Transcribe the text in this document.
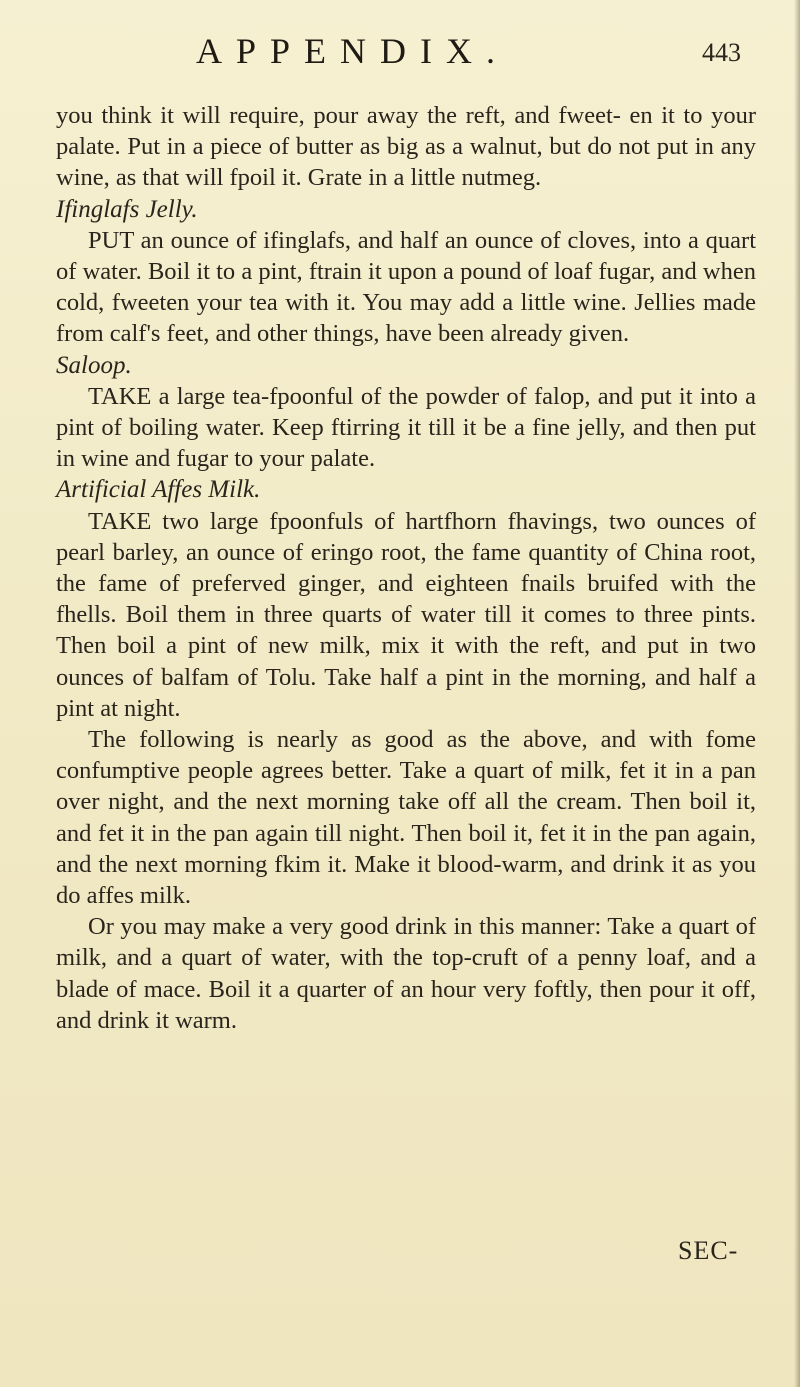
APPENDIX.	443

you think it will require, pour away the reft, and fweet- en it to your palate. Put in a piece of butter as big as a walnut, but do not put in any wine, as that will fpoil it. Grate in a little nutmeg.

Ifinglafs Jelly.

PUT an ounce of ifinglafs, and half an ounce of cloves, into a quart of water. Boil it to a pint, ftrain it upon a pound of loaf fugar, and when cold, fweeten your tea with it. You may add a little wine. Jellies made from calf's feet, and other things, have been already given.

Saloop.

TAKE a large tea-fpoonful of the powder of falop, and put it into a pint of boiling water. Keep ftirring it till it be a fine jelly, and then put in wine and fugar to your palate.

Artificial Affes Milk.

TAKE two large fpoonfuls of hartfhorn fhavings, two ounces of pearl barley, an ounce of eringo root, the fame quantity of China root, the fame of preferved ginger, and eighteen fnails bruifed with the fhells. Boil them in three quarts of water till it comes to three pints. Then boil a pint of new milk, mix it with the reft, and put in two ounces of balfam of Tolu. Take half a pint in the morning, and half a pint at night.

The following is nearly as good as the above, and with fome confumptive people agrees better. Take a quart of milk, fet it in a pan over night, and the next morning take off all the cream. Then boil it, and fet it in the pan again till night. Then boil it, fet it in the pan again, and the next morning fkim it. Make it blood-warm, and drink it as you do affes milk.

Or you may make a very good drink in this manner: Take a quart of milk, and a quart of water, with the top-cruft of a penny loaf, and a blade of mace. Boil it a quarter of an hour very foftly, then pour it off, and drink it warm.

SEC-
